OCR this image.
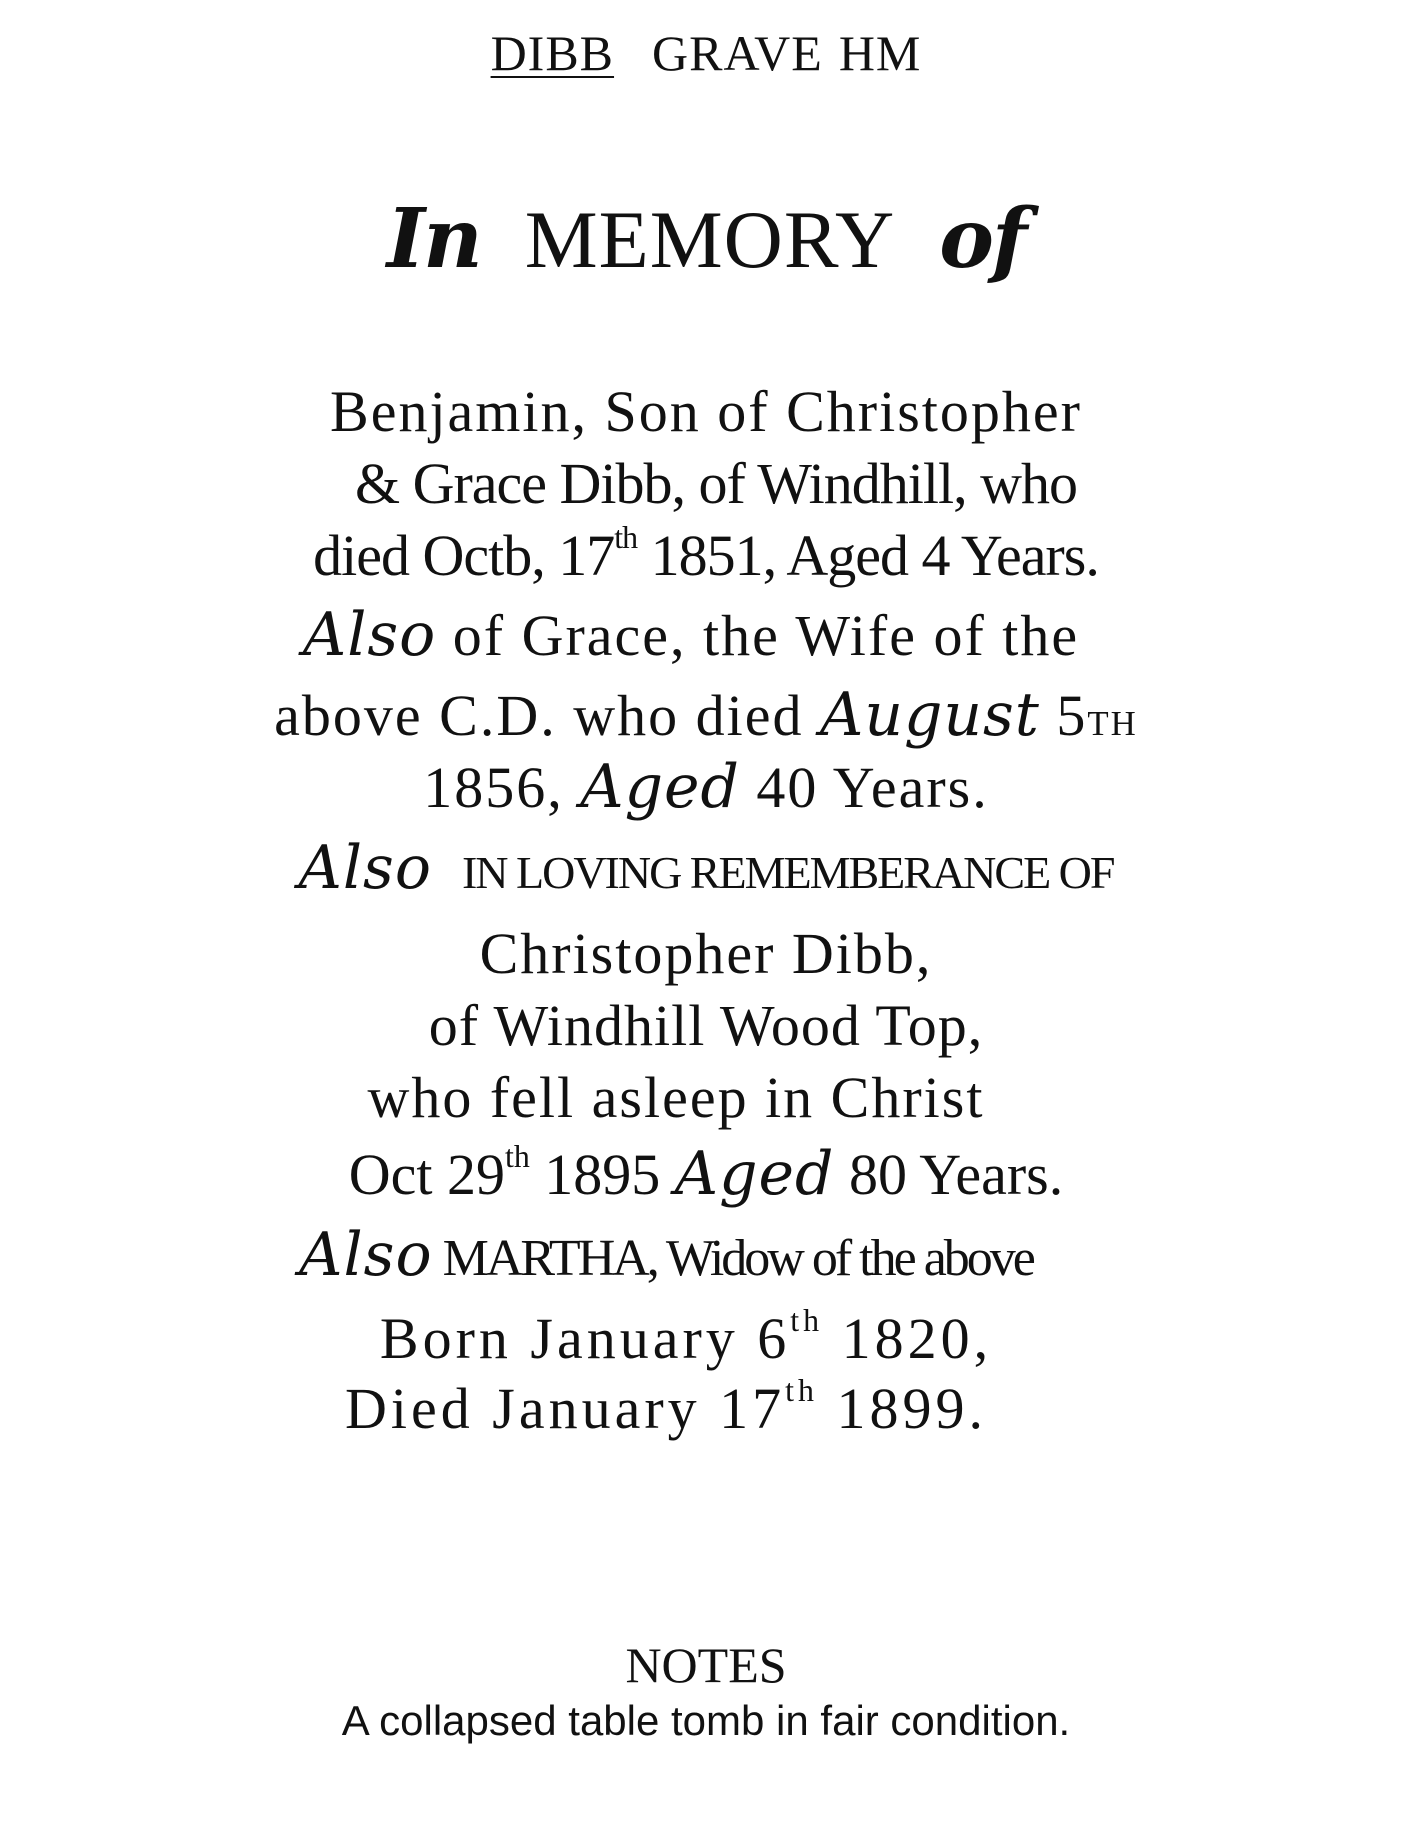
DIBB GRAVE HM
In MEMORY of
Benjamin, Son of Christopher
& Grace Dibb, of Windhill, who
died Octb, 17th 1851, Aged 4 Years.
Also of Grace, the Wife of the
above C.D. who died August 5TH
1856, Aged 40 Years.
Also IN LOVING REMEMBERANCE OF
Christopher Dibb,
of Windhill Wood Top,
who fell asleep in Christ
Oct 29th 1895 Aged 80 Years.
Also MARTHA, Widow of the above
Born January 6th 1820,
Died January 17th 1899.
NOTES
A collapsed table tomb in fair condition.
